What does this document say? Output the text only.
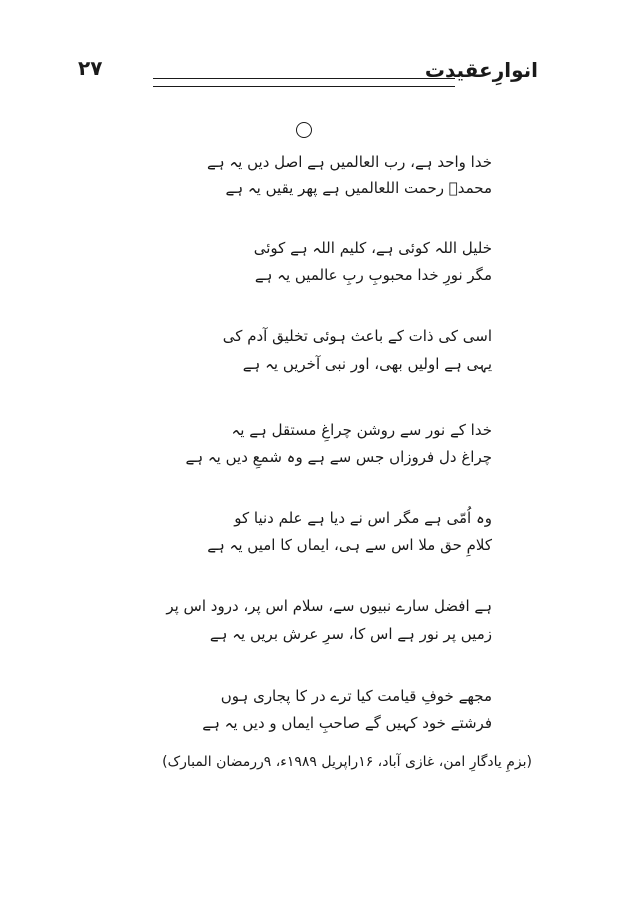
۲۷	انوارِعقیدت
خدا واحد ہے، رب العالمیں ہے اصل دیں یہ ہے
محمدؐ رحمت اللعالمیں ہے پھر یقیں یہ ہے
خلیل اللہ کوئی ہے، کلیم اللہ ہے کوئی
مگر نورِ خدا محبوبِ ربِ عالمیں یہ ہے
اسی کی ذات کے باعث ہوئی تخلیق آدم کی
یہی ہے اولیں بھی، اور نبی آخریں یہ ہے
خدا کے نور سے روشن چراغِ مستقل ہے یہ
چراغ دل فروزاں جس سے ہے وہ شمعِ دیں یہ ہے
وہ اُمّی ہے مگر اس نے دیا ہے علم دنیا کو
کلامِ حق ملا اس سے ہی، ایماں کا امیں یہ ہے
ہے افضل سارے نبیوں سے، سلام اس پر، درود اس پر
زمیں پر نور ہے اس کا، سرِ عرش بریں یہ ہے
مجھے خوفِ قیامت کیا ترے در کا پجاری ہوں
فرشتے خود کہیں گے صاحبِ ایماں و دیں یہ ہے
(بزمِ یادگارِ امن، غازی آباد، ۱۶راپریل ۱۹۸۹ء، ۹ررمضان المبارک)
